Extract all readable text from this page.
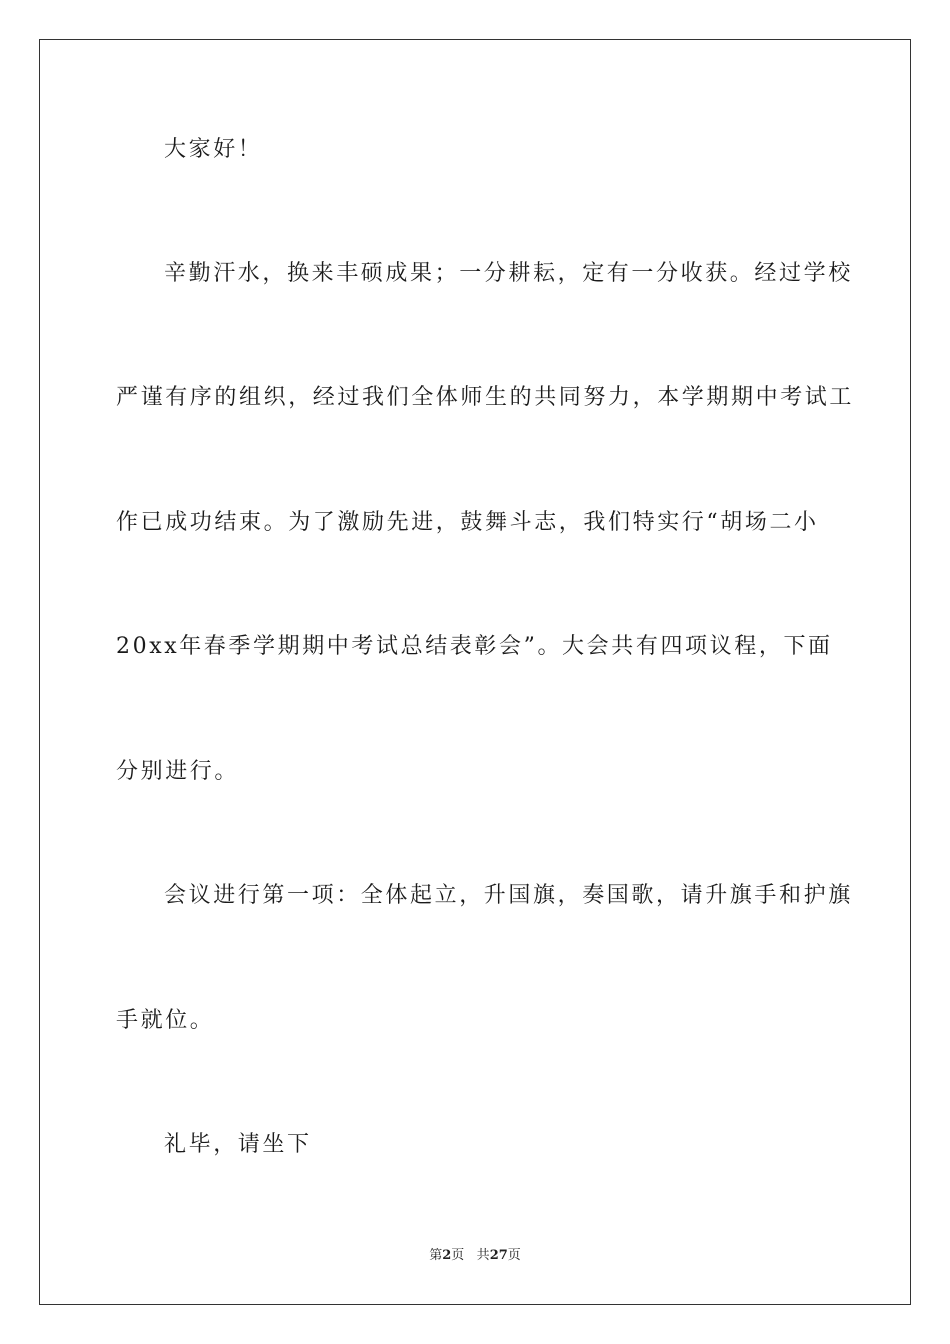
大家好！
辛勤汗水，换来丰硕成果；一分耕耘，定有一分收获。经过学校
严谨有序的组织，经过我们全体师生的共同努力，本学期期中考试工
作已成功结束。为了激励先进，鼓舞斗志，我们特实行“胡场二小
20xx年春季学期期中考试总结表彰会”。大会共有四项议程，下面
分别进行。
会议进行第一项：全体起立，升国旗，奏国歌，请升旗手和护旗
手就位。
礼毕，请坐下
第2页 共27页
